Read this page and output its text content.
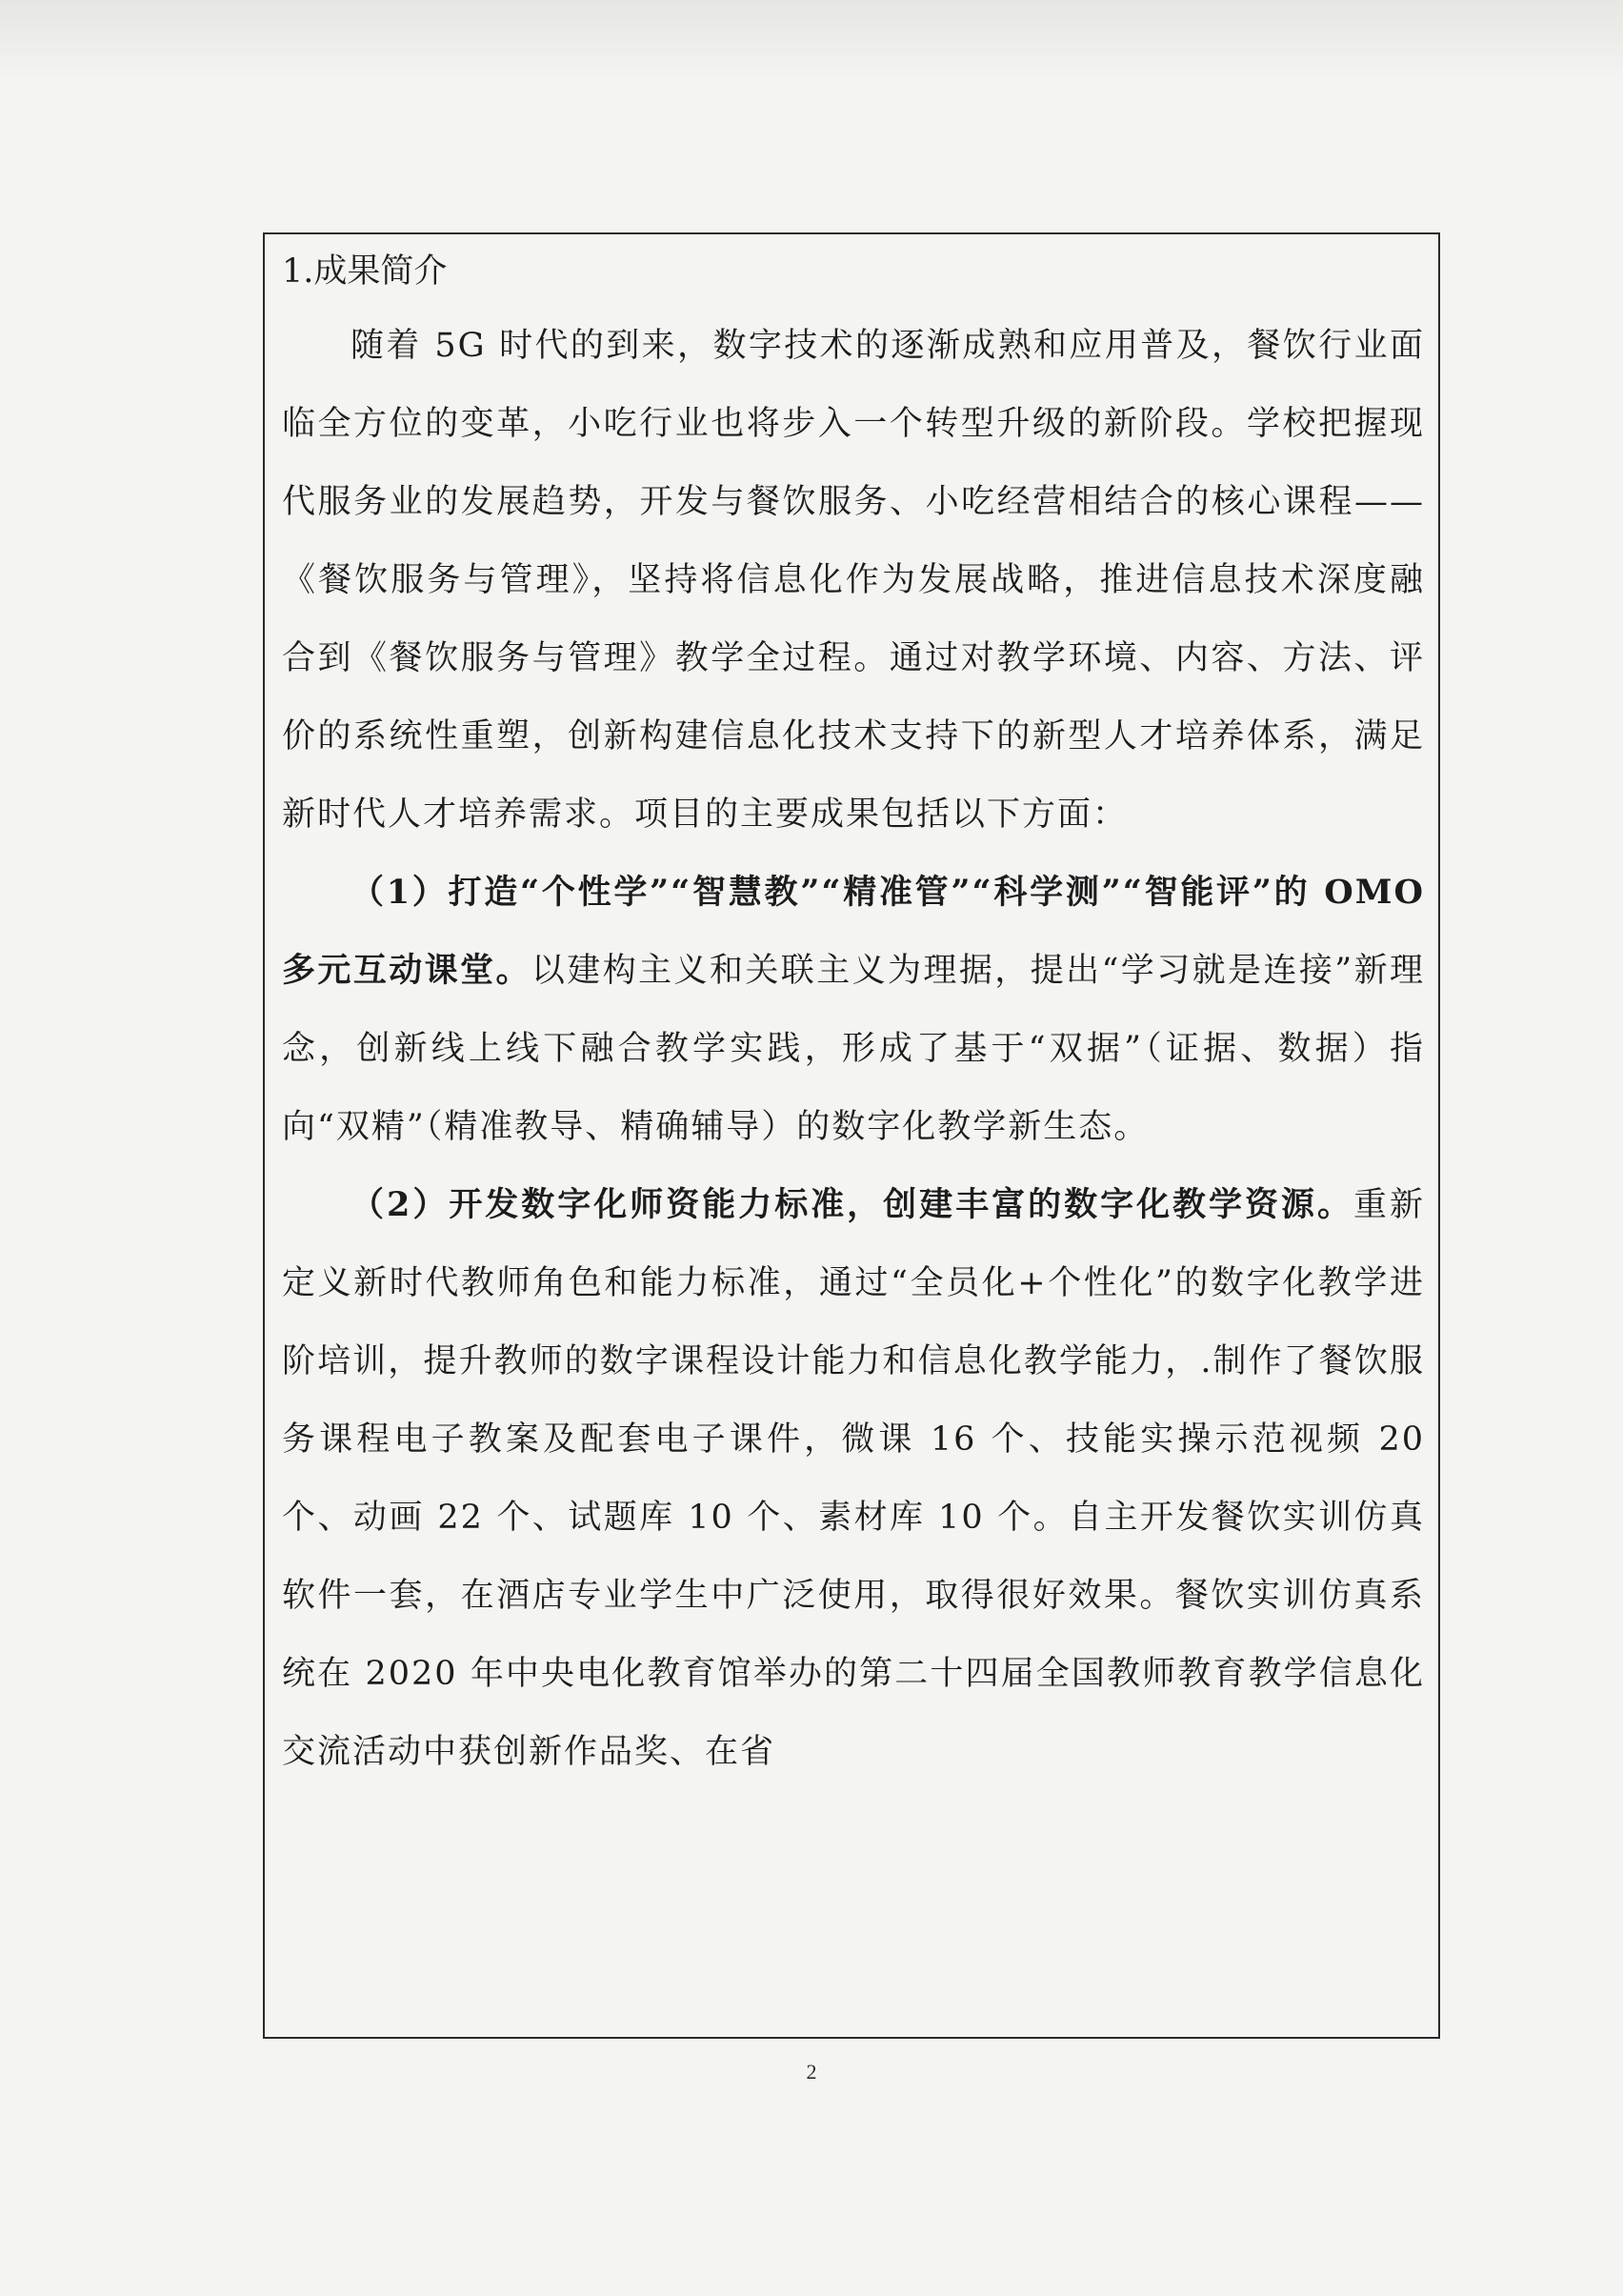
1.成果简介

随着 5G 时代的到来，数字技术的逐渐成熟和应用普及，餐饮行业面临全方位的变革，小吃行业也将步入一个转型升级的新阶段。学校把握现代服务业的发展趋势，开发与餐饮服务、小吃经营相结合的核心课程——《餐饮服务与管理》，坚持将信息化作为发展战略，推进信息技术深度融合到《餐饮服务与管理》教学全过程。通过对教学环境、内容、方法、评价的系统性重塑，创新构建信息化技术支持下的新型人才培养体系，满足新时代人才培养需求。项目的主要成果包括以下方面：

（1）打造“个性学”“智慧教”“精准管”“科学测”“智能评”的 OMO 多元互动课堂。以建构主义和关联主义为理据，提出“学习就是连接”新理念，创新线上线下融合教学实践，形成了基于“双据”（证据、数据）指向“双精”（精准教导、精确辅导）的数字化教学新生态。

（2）开发数字化师资能力标准，创建丰富的数字化教学资源。重新定义新时代教师角色和能力标准，通过“全员化+个性化”的数字化教学进阶培训，提升教师的数字课程设计能力和信息化教学能力，.制作了餐饮服务课程电子教案及配套电子课件，微课 16 个、技能实操示范视频 20 个、动画 22 个、试题库 10 个、素材库 10 个。自主开发餐饮实训仿真软件一套，在酒店专业学生中广泛使用，取得很好效果。餐饮实训仿真系统在 2020 年中央电化教育馆举办的第二十四届全国教师教育教学信息化交流活动中获创新作品奖、在省

2
